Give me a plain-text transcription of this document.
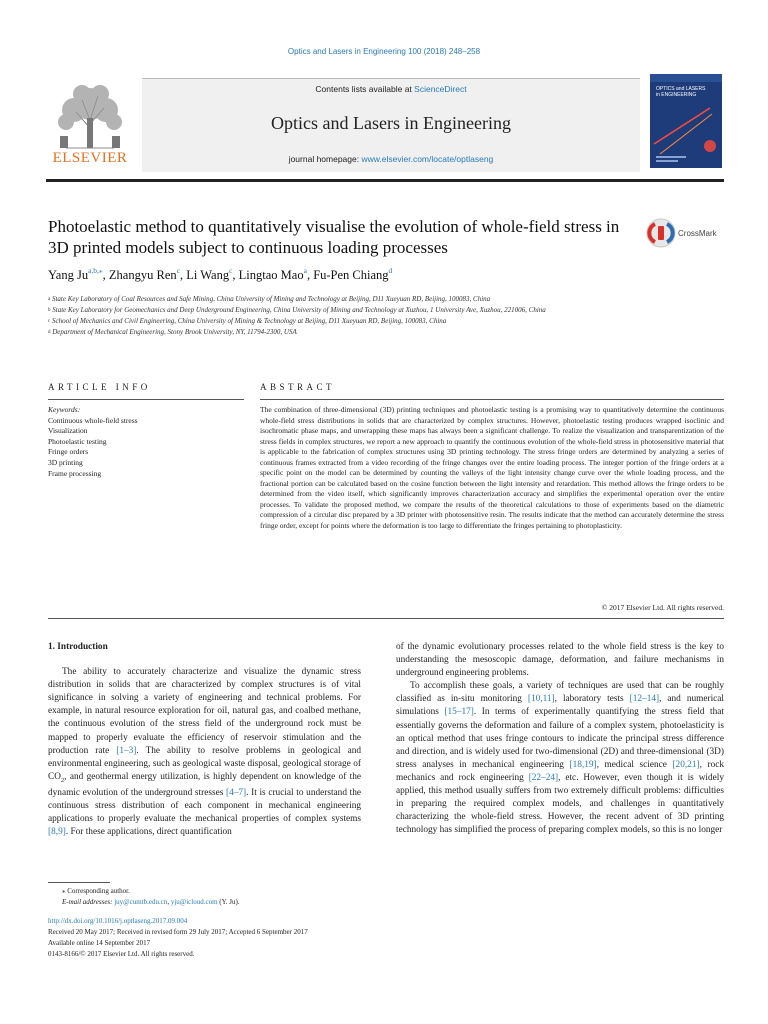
Optics and Lasers in Engineering 100 (2018) 248–258
ELSEVIER
Contents lists available at ScienceDirect
Optics and Lasers in Engineering
journal homepage: www.elsevier.com/locate/optlaseng
OPTICS and LASERS
in ENGINEERING
Photoelastic method to quantitatively visualise the evolution of whole-field stress in 3D printed models subject to continuous loading processes
CrossMark
Yang $Ju^{a,b,⁎}$, Zhangyu Ren$^c$, Li Wang$^c$, Lingtao Mao$^a$, Fu-Pen Chiang$^d$
$^a$ State Key Laboratory of Coal Resources and Safe Mining, China University of Mining and Technology at Beijing, D11 Xueyuan RD, Beijing, 100083, China
$^b$ State Key Laboratory for Geomechanics and Deep Underground Engineering, China University of Mining and Technology at Xuzhou, 1 University Ave, Xuzhou, 221006, China
$^c$ School of Mechanics and Civil Engineering, China University of Mining & Technology at Beijing, D11 Xueyuan RD, Beijing, 100083, China
$^d$ Department of Mechanical Engineering, Stony Brook University, NY, 11794-2300, USA
ARTICLE INFO	ABSTRACT
Keywords:
Continuous whole-field stress
Visualization
Photoelastic testing
Fringe orders
3D printing
Frame processing
The combination of three-dimensional (3D) printing techniques and photoelastic testing is a promising way to quantitatively determine the continuous whole-field stress distributions in solids that are characterized by complex structures. However, photoelastic testing produces wrapped isoclinic and isochromatic phase maps, and unwrapping these maps has always been a significant challenge. To realize the visualization and transparentization of the stress fields in complex structures, we report a new approach to quantify the continuous evolution of the whole-field stress in photosensitive material that is applicable to the fabrication of complex structures using 3D printing technology. The stress fringe orders are determined by analyzing a series of continuous frames extracted from a video recording of the fringe changes over the entire loading process. The integer portion of the fringe orders at a specific point on the model can be determined by counting the valleys of the light intensity change curve over the whole loading process, and the fractional portion can be calculated based on the cosine function between the light intensity and retardation. This method allows the fringe orders to be determined from the video itself, which significantly improves characterization accuracy and simplifies the experimental operation over the entire processes. To validate the proposed method, we compare the results of the theoretical calculations to those of experiments based on the diametric compression of a circular disc prepared by a 3D printer with photosensitive resin. The results indicate that the method can accurately determine the stress fringe order, except for points where the deformation is too large to differentiate the fringes pertaining to photoplasticity.
© 2017 Elsevier Ltd. All rights reserved.
1. Introduction

The ability to accurately characterize and visualize the dynamic stress distribution in solids that are characterized by complex structures is of vital significance in solving a variety of engineering and technical problems. For example, in natural resource exploration for oil, natural gas, and coalbed methane, the continuous evolution of the stress field of the underground rock must be mapped to properly evaluate the efficiency of reservoir stimulation and the production rate [1–3]. The ability to resolve problems in geological and environmental engineering, such as geological waste disposal, geological storage of $CO_2$, and geothermal energy utilization, is highly dependent on knowledge of the dynamic evolution of the underground stresses [4–7]. It is crucial to understand the continuous stress distribution of each component in mechanical engineering applications to properly evaluate the mechanical properties of complex systems [8,9]. For these applications, direct quantification

of the dynamic evolutionary processes related to the whole field stress is the key to understanding the mesoscopic damage, deformation, and failure mechanisms in underground engineering problems.

To accomplish these goals, a variety of techniques are used that can be roughly classified as in-situ monitoring [10,11], laboratory tests [12–14], and numerical simulations [15–17]. In terms of experimentally quantifying the stress field that essentially governs the deformation and failure of a complex system, photoelasticity is an optical method that uses fringe contours to indicate the principal stress difference and direction, and is widely used for two-dimensional (2D) and three-dimensional (3D) stress analyses in mechanical engineering [18,19], medical science [20,21], rock mechanics and rock engineering [22–24], etc. However, even though it is widely applied, this method usually suffers from two extremely difficult problems: difficulties in preparing the required complex models, and challenges in quantitatively characterizing the whole-field stress. However, the recent advent of 3D printing technology has simplified the process of preparing complex models, so this is no longer

⁎ Corresponding author.
E-mail addresses: juy@cumtb.edu.cn, yju@icloud.com (Y. Ju).
http://dx.doi.org/10.1016/j.optlaseng.2017.09.004
Received 20 May 2017; Received in revised form 29 July 2017; Accepted 6 September 2017
Available online 14 September 2017
0143-8166/© 2017 Elsevier Ltd. All rights reserved.
